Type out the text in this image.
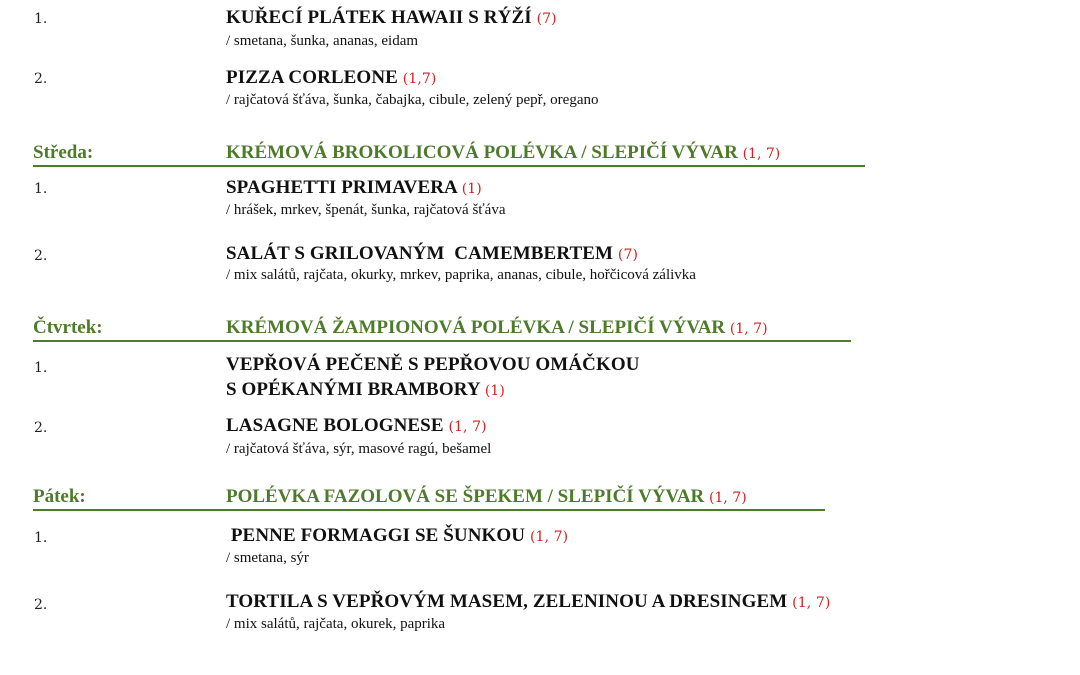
1.	KUŘECÍ PLÁTEK HAWAII S RÝŽÍ (7)
/ smetana, šunka, ananas, eidam
2.	PIZZA CORLEONE (1,7)
/ rajčatová šťáva, šunka, čabajka, cibule, zelený pepř, oregano
Středa:	KRÉMOVÁ BROKOLICOVÁ POLÉVKA / SLEPIČÍ VÝVAR (1, 7)
1.	SPAGHETTI PRIMAVERA (1)
/ hrášek, mrkev, špenát, šunka, rajčatová šťáva
2.	SALÁT S GRILOVANÝM  CAMEMBERTEM (7)
/ mix salátů, rajčata, okurky, mrkev, paprika, ananas, cibule, hořčicová zálivka
Čtvrtek:	KRÉMOVÁ ŽAMPIONOVÁ POLÉVKA / SLEPIČÍ VÝVAR (1, 7)
1.	VEPŘOVÁ PEČENĚ S PEPŘOVOU OMÁČKOU
S OPÉKANÝMI BRAMBORY (1)
2.	LASAGNE BOLOGNESE (1, 7)
/ rajčatová šťáva, sýr, masové ragú, bešamel
Pátek:	POLÉVKA FAZOLOVÁ SE ŠPEKEM / SLEPIČÍ VÝVAR (1, 7)
1.	PENNE FORMAGGI SE ŠUNKOU (1, 7)
/ smetana, sýr
2.	TORTILA S VEPŘOVÝM MASEM, ZELENINOU A DRESINGEM (1, 7)
/ mix salátů, rajčata, okurek, paprika
